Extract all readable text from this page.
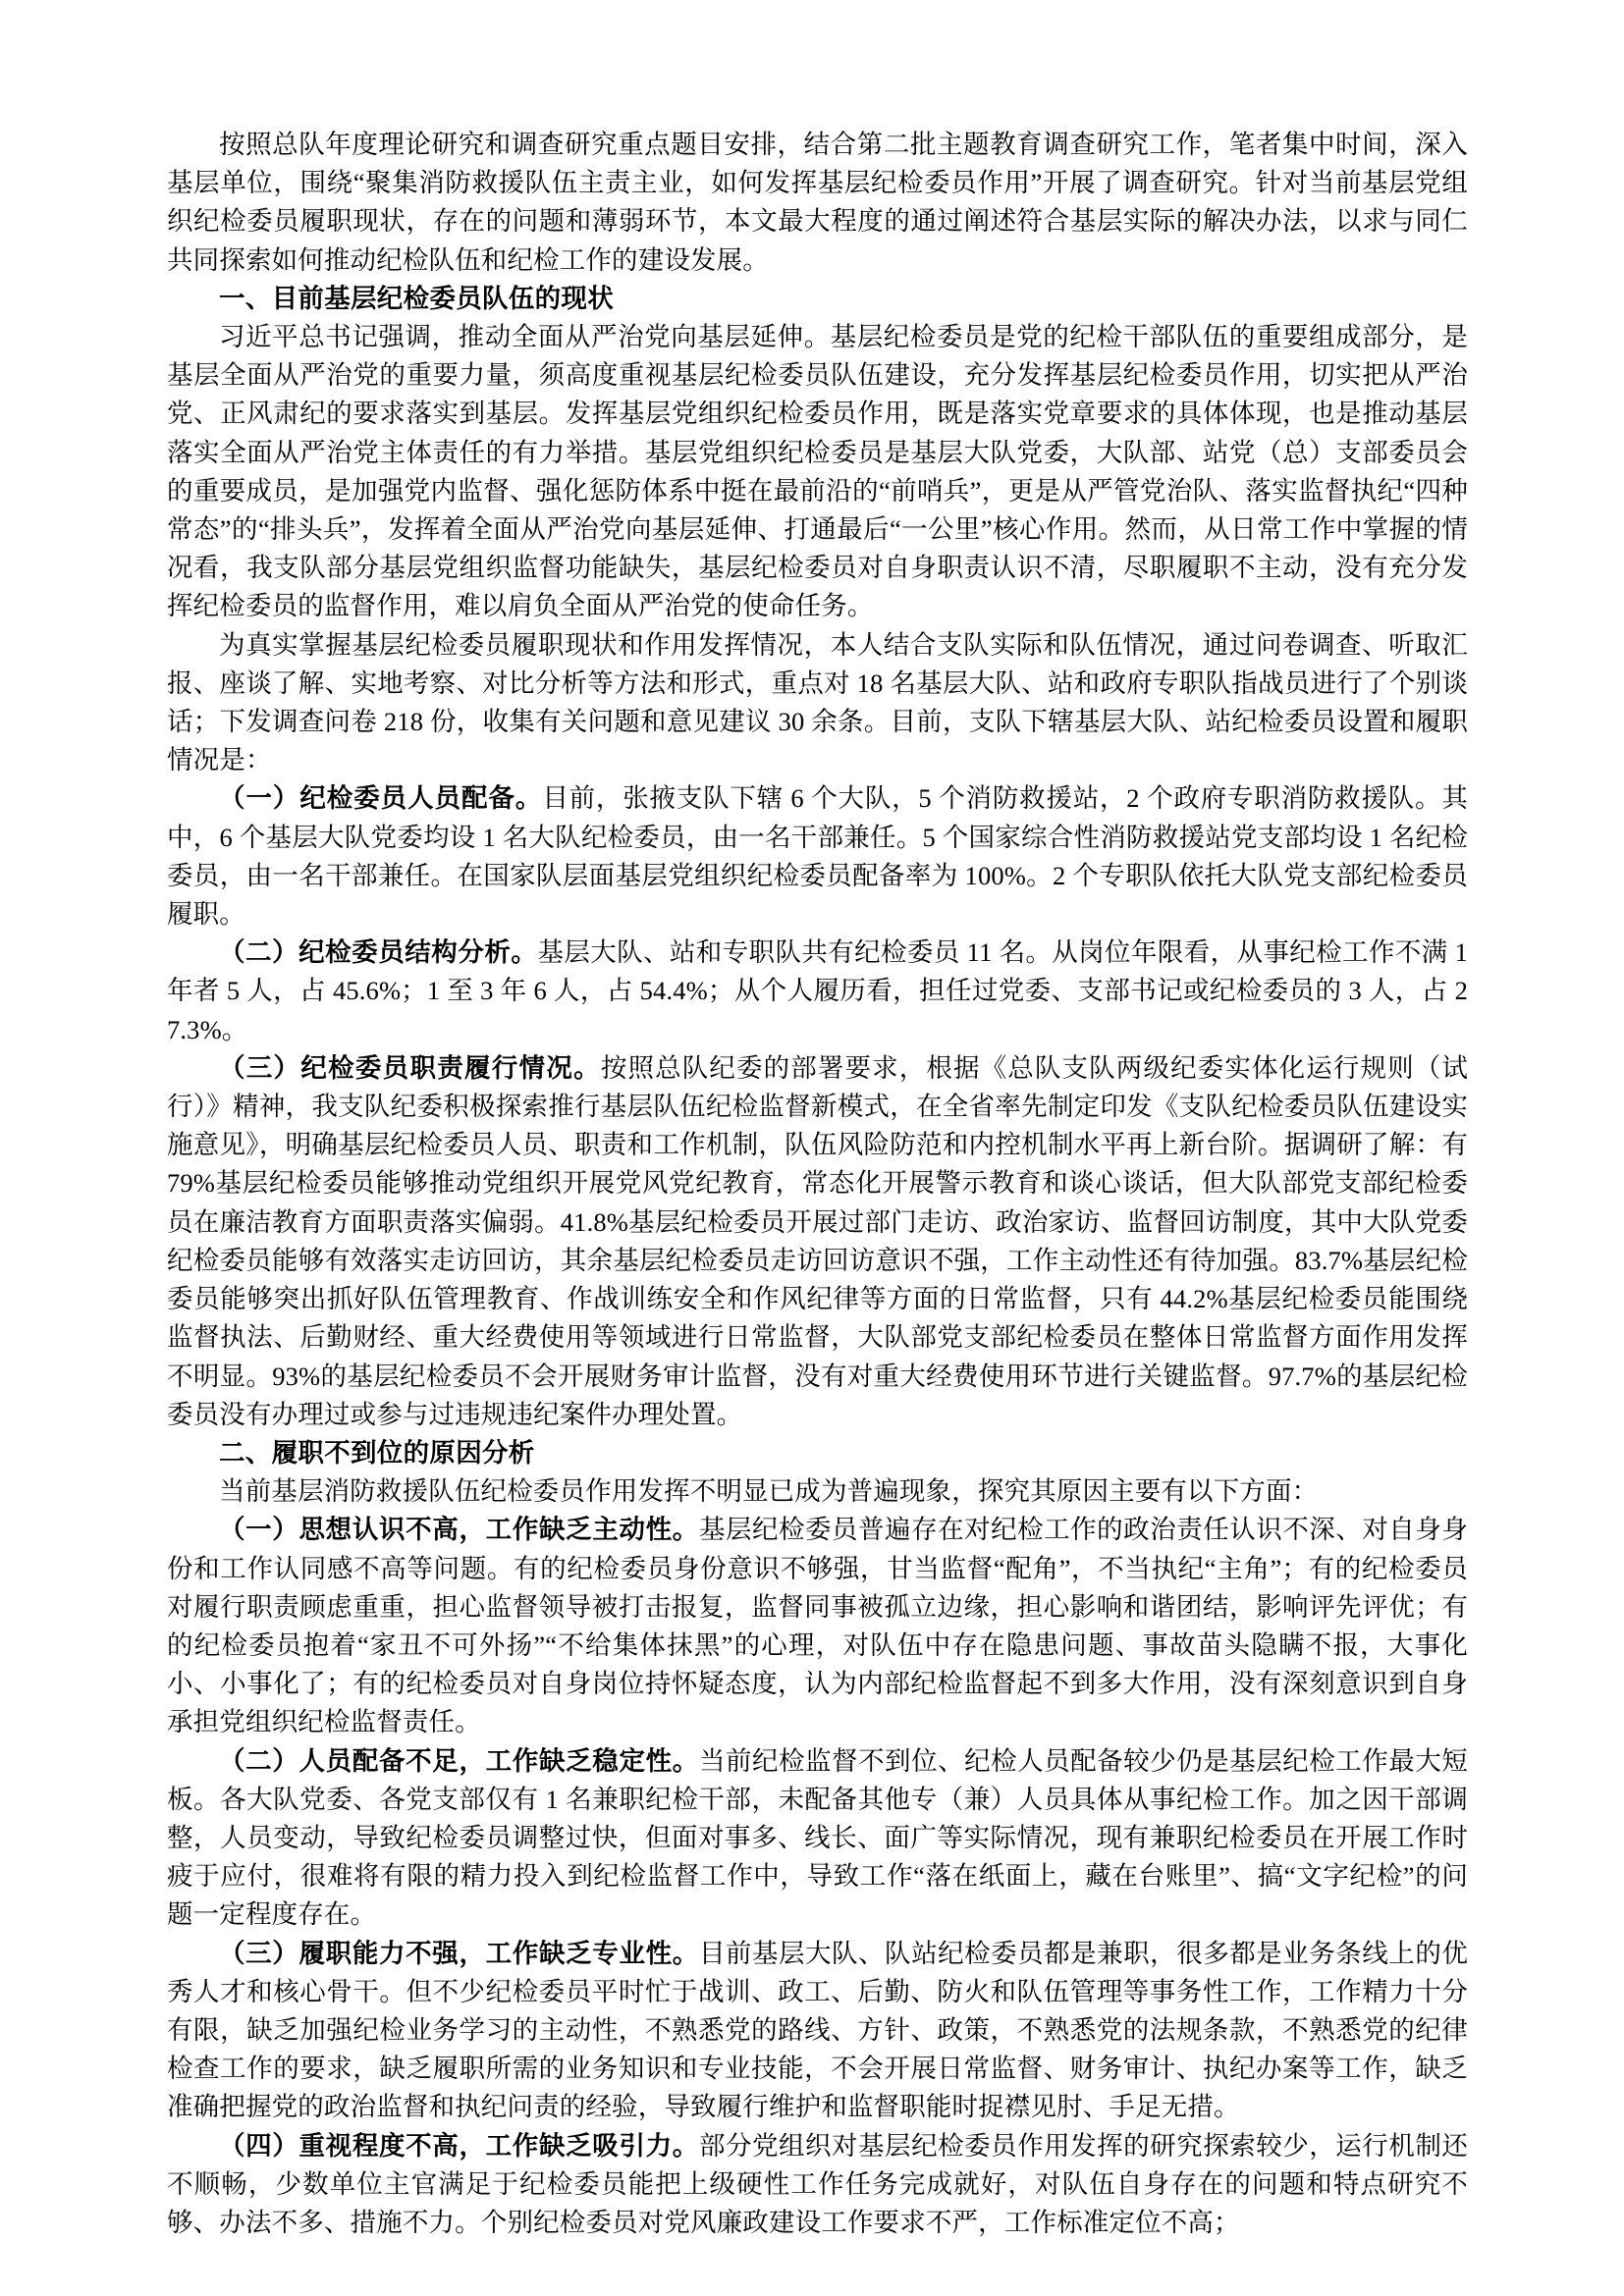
按照总队年度理论研究和调查研究重点题目安排，结合第二批主题教育调查研究工作，笔者集中时间，深入基层单位，围绕“聚集消防救援队伍主责主业，如何发挥基层纪检委员作用”开展了调查研究。针对当前基层党组织纪检委员履职现状，存在的问题和薄弱环节，本文最大程度的通过阐述符合基层实际的解决办法，以求与同仁共同探索如何推动纪检队伍和纪检工作的建设发展。

一、目前基层纪检委员队伍的现状

习近平总书记强调，推动全面从严治党向基层延伸。基层纪检委员是党的纪检干部队伍的重要组成部分，是基层全面从严治党的重要力量，须高度重视基层纪检委员队伍建设，充分发挥基层纪检委员作用，切实把从严治党、正风肃纪的要求落实到基层。发挥基层党组织纪检委员作用，既是落实党章要求的具体体现，也是推动基层落实全面从严治党主体责任的有力举措。基层党组织纪检委员是基层大队党委，大队部、站党（总）支部委员会的重要成员，是加强党内监督、强化惩防体系中挺在最前沿的“前哨兵”，更是从严管党治队、落实监督执纪“四种常态”的“排头兵”，发挥着全面从严治党向基层延伸、打通最后“一公里”核心作用。然而，从日常工作中掌握的情况看，我支队部分基层党组织监督功能缺失，基层纪检委员对自身职责认识不清，尽职履职不主动，没有充分发挥纪检委员的监督作用，难以肩负全面从严治党的使命任务。

为真实掌握基层纪检委员履职现状和作用发挥情况，本人结合支队实际和队伍情况，通过问卷调查、听取汇报、座谈了解、实地考察、对比分析等方法和形式，重点对 18 名基层大队、站和政府专职队指战员进行了个别谈话；下发调查问卷 218 份，收集有关问题和意见建议 30 余条。目前，支队下辖基层大队、站纪检委员设置和履职情况是：

（一）纪检委员人员配备。目前，张掖支队下辖 6 个大队，5 个消防救援站，2 个政府专职消防救援队。其中，6 个基层大队党委均设 1 名大队纪检委员，由一名干部兼任。5 个国家综合性消防救援站党支部均设 1 名纪检委员，由一名干部兼任。在国家队层面基层党组织纪检委员配备率为 100%。2 个专职队依托大队党支部纪检委员履职。

（二）纪检委员结构分析。基层大队、站和专职队共有纪检委员 11 名。从岗位年限看，从事纪检工作不满 1 年者 5 人，占 45.6%；1 至 3 年 6 人，占 54.4%；从个人履历看，担任过党委、支部书记或纪检委员的 3 人，占 27.3%。

（三）纪检委员职责履行情况。按照总队纪委的部署要求，根据《总队支队两级纪委实体化运行规则（试行）》精神，我支队纪委积极探索推行基层队伍纪检监督新模式，在全省率先制定印发《支队纪检委员队伍建设实施意见》，明确基层纪检委员人员、职责和工作机制，队伍风险防范和内控机制水平再上新台阶。据调研了解：有 79%基层纪检委员能够推动党组织开展党风党纪教育，常态化开展警示教育和谈心谈话，但大队部党支部纪检委员在廉洁教育方面职责落实偏弱。41.8%基层纪检委员开展过部门走访、政治家访、监督回访制度，其中大队党委纪检委员能够有效落实走访回访，其余基层纪检委员走访回访意识不强，工作主动性还有待加强。83.7%基层纪检委员能够突出抓好队伍管理教育、作战训练安全和作风纪律等方面的日常监督，只有 44.2%基层纪检委员能围绕监督执法、后勤财经、重大经费使用等领域进行日常监督，大队部党支部纪检委员在整体日常监督方面作用发挥不明显。93%的基层纪检委员不会开展财务审计监督，没有对重大经费使用环节进行关键监督。97.7%的基层纪检委员没有办理过或参与过违规违纪案件办理处置。

二、履职不到位的原因分析

当前基层消防救援队伍纪检委员作用发挥不明显已成为普遍现象，探究其原因主要有以下方面：

（一）思想认识不高，工作缺乏主动性。基层纪检委员普遍存在对纪检工作的政治责任认识不深、对自身身份和工作认同感不高等问题。有的纪检委员身份意识不够强，甘当监督“配角”，不当执纪“主角”；有的纪检委员对履行职责顾虑重重，担心监督领导被打击报复，监督同事被孤立边缘，担心影响和谐团结，影响评先评优；有的纪检委员抱着“家丑不可外扬”“不给集体抹黑”的心理，对队伍中存在隐患问题、事故苗头隐瞒不报，大事化小、小事化了；有的纪检委员对自身岗位持怀疑态度，认为内部纪检监督起不到多大作用，没有深刻意识到自身承担党组织纪检监督责任。

（二）人员配备不足，工作缺乏稳定性。当前纪检监督不到位、纪检人员配备较少仍是基层纪检工作最大短板。各大队党委、各党支部仅有 1 名兼职纪检干部，未配备其他专（兼）人员具体从事纪检工作。加之因干部调整，人员变动，导致纪检委员调整过快，但面对事多、线长、面广等实际情况，现有兼职纪检委员在开展工作时疲于应付，很难将有限的精力投入到纪检监督工作中，导致工作“落在纸面上，藏在台账里”、搞“文字纪检”的问题一定程度存在。

（三）履职能力不强，工作缺乏专业性。目前基层大队、队站纪检委员都是兼职，很多都是业务条线上的优秀人才和核心骨干。但不少纪检委员平时忙于战训、政工、后勤、防火和队伍管理等事务性工作，工作精力十分有限，缺乏加强纪检业务学习的主动性，不熟悉党的路线、方针、政策，不熟悉党的法规条款，不熟悉党的纪律检查工作的要求，缺乏履职所需的业务知识和专业技能，不会开展日常监督、财务审计、执纪办案等工作，缺乏准确把握党的政治监督和执纪问责的经验，导致履行维护和监督职能时捉襟见肘、手足无措。

（四）重视程度不高，工作缺乏吸引力。部分党组织对基层纪检委员作用发挥的研究探索较少，运行机制还不顺畅，少数单位主官满足于纪检委员能把上级硬性工作任务完成就好，对队伍自身存在的问题和特点研究不够、办法不多、措施不力。个别纪检委员对党风廉政建设工作要求不严，工作标准定位不高；
